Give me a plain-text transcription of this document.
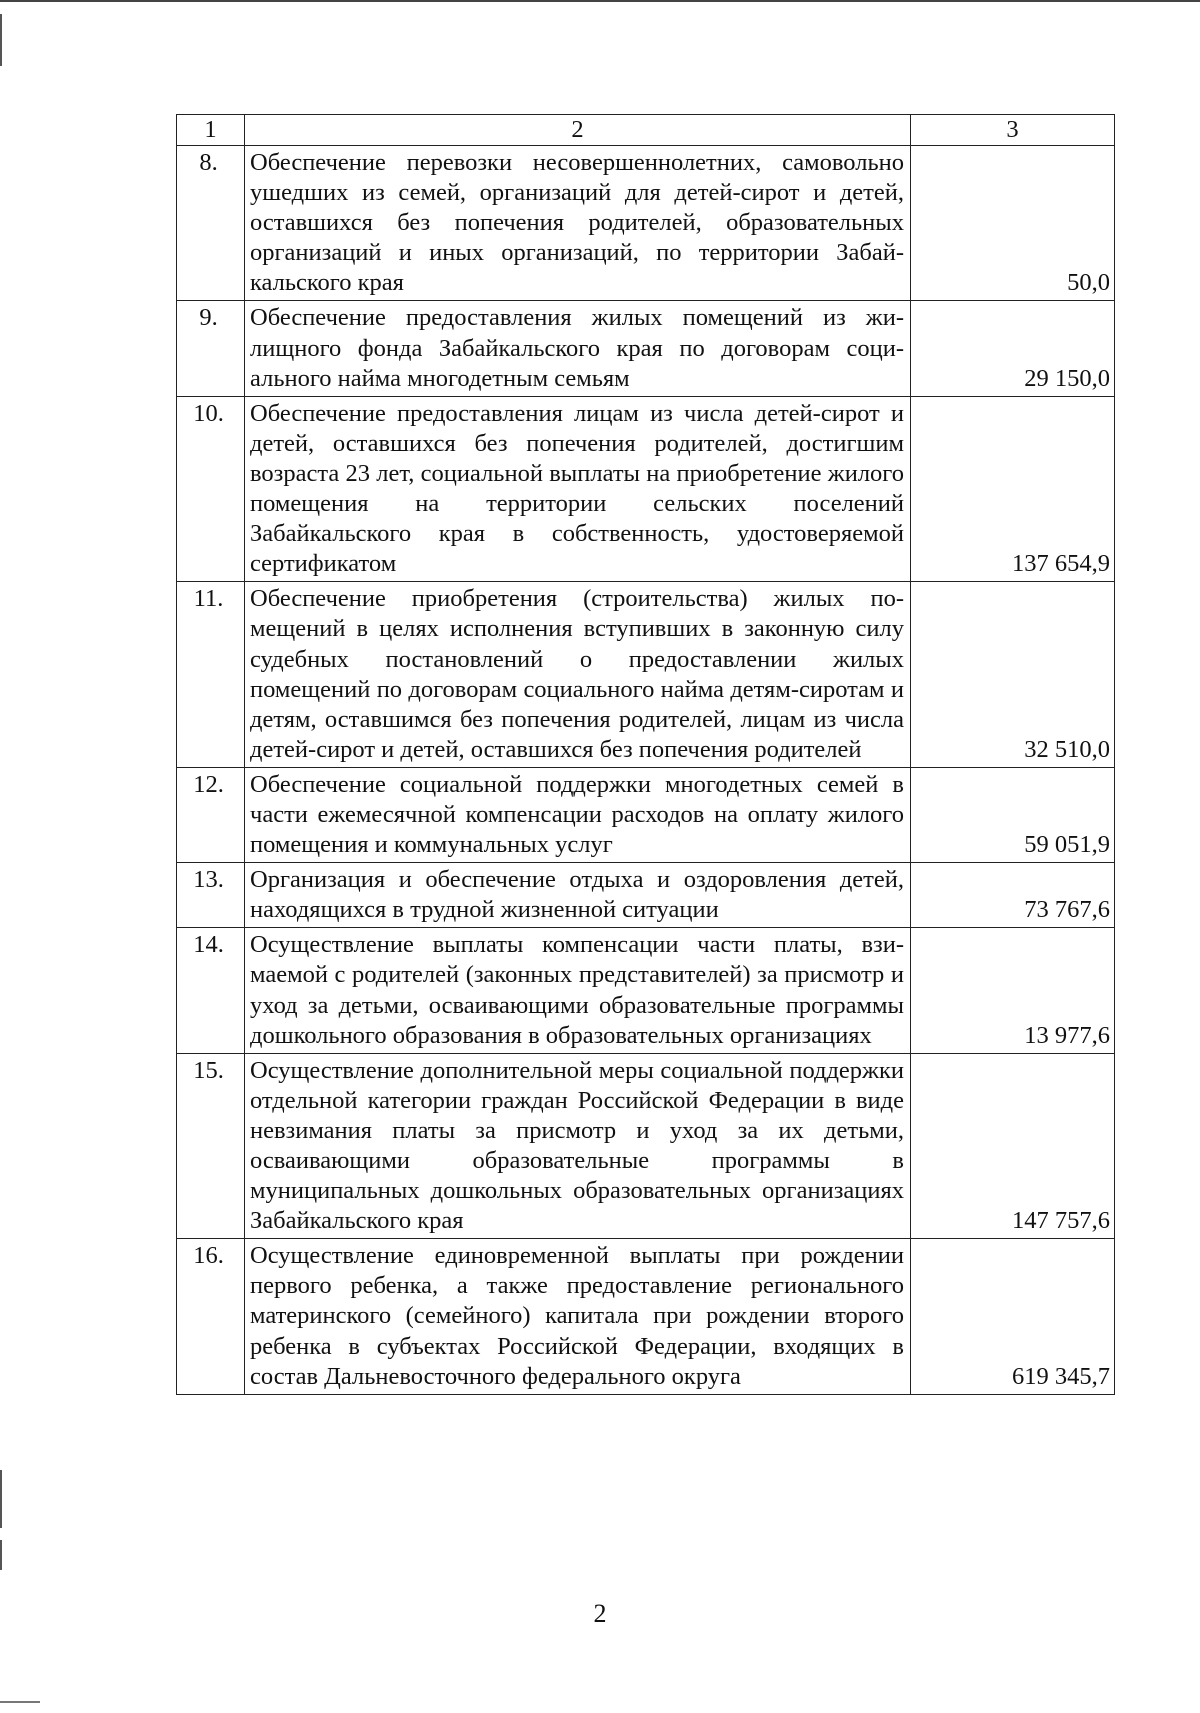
1	2	3
8.	Обеспечение перевозки несовершеннолетних, самовольно ушедших из семей, организаций для детей-сирот и детей, оставшихся без попечения родителей, образовательных организаций и иных организаций, по территории Забайкальского края	50,0
9.	Обеспечение предоставления жилых помещений из жилищного фонда Забайкальского края по договорам социального найма многодетным семьям	29 150,0
10.	Обеспечение предоставления лицам из числа детей-сирот и детей, оставшихся без попечения родителей, достигшим возраста 23 лет, социальной выплаты на приобретение жилого помещения на территории сельских поселений Забайкальского края в собственность, удостоверяемой сертификатом	137 654,9
11.	Обеспечение приобретения (строительства) жилых помещений в целях исполнения вступивших в законную силу судебных постановлений о предоставлении жилых помещений по договорам социального найма детям-сиротам и детям, оставшимся без попечения родителей, лицам из числа детей-сирот и детей, оставшихся без попечения родителей	32 510,0
12.	Обеспечение социальной поддержки многодетных семей в части ежемесячной компенсации расходов на оплату жилого помещения и коммунальных услуг	59 051,9
13.	Организация и обеспечение отдыха и оздоровления детей, находящихся в трудной жизненной ситуации	73 767,6
14.	Осуществление выплаты компенсации части платы, взимаемой с родителей (законных представителей) за присмотр и уход за детьми, осваивающими образовательные программы дошкольного образования в образовательных организациях	13 977,6
15.	Осуществление дополнительной меры социальной поддержки отдельной категории граждан Российской Федерации в виде невзимания платы за присмотр и уход за их детьми, осваивающими образовательные программы в муниципальных дошкольных образовательных организациях Забайкальского края	147 757,6
16.	Осуществление единовременной выплаты при рождении первого ребенка, а также предоставление регионального материнского (семейного) капитала при рождении второго ребенка в субъектах Российской Федерации, входящих в состав Дальневосточного федерального округа	619 345,7
2
